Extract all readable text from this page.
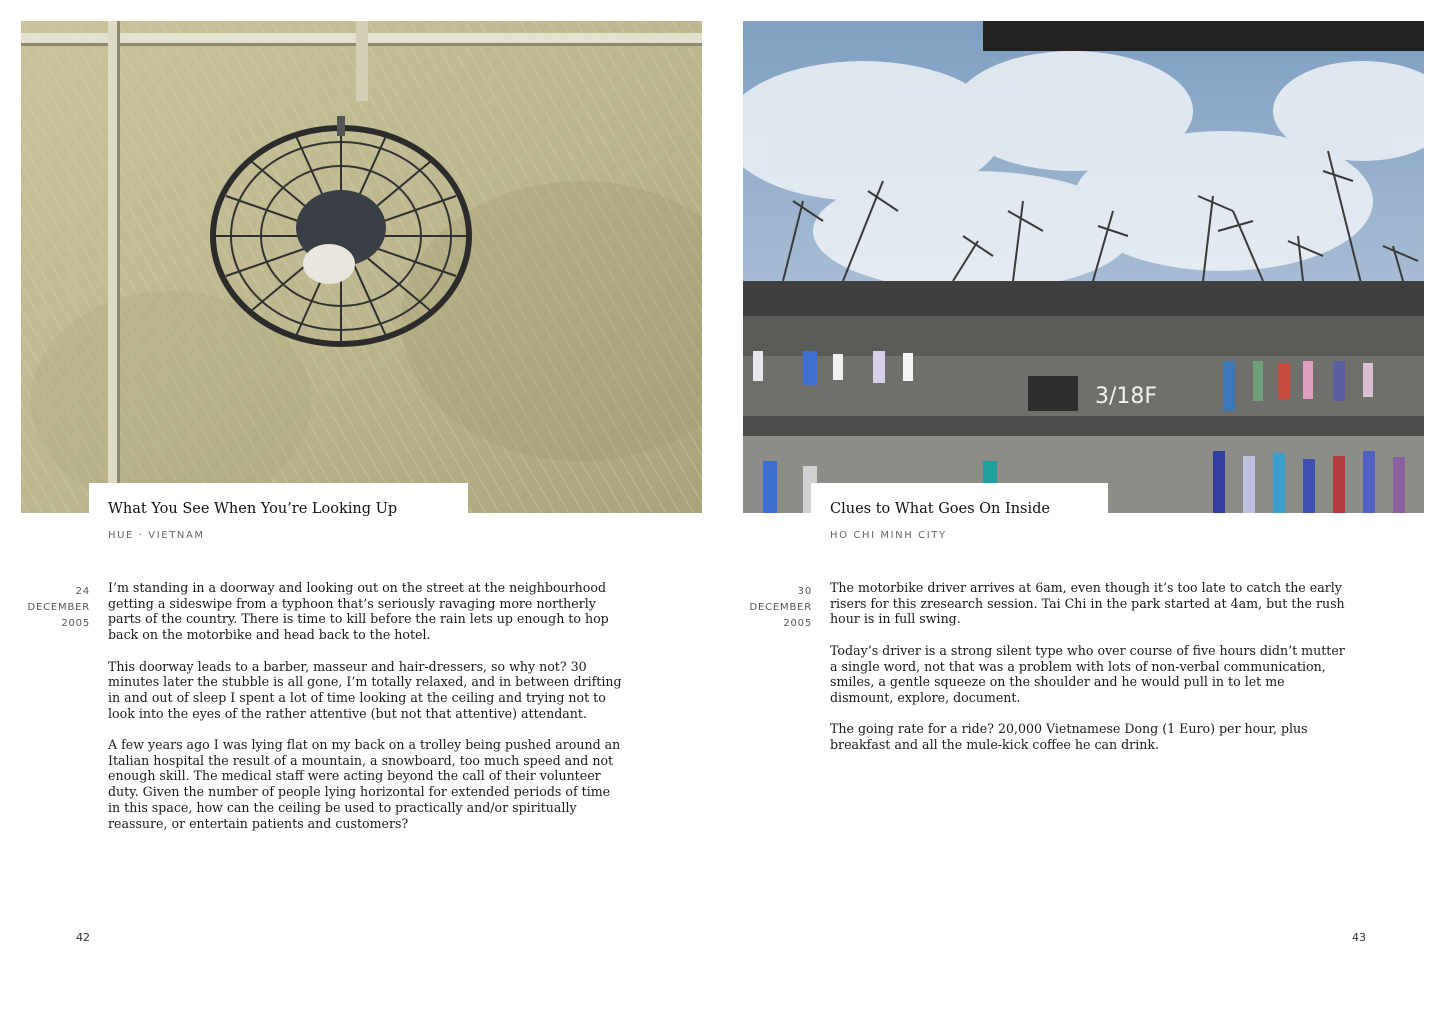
What You See When You’re Looking Up
HUE · VIETNAM
24
DECEMBER
2005

I’m standing in a doorway and looking out on the street at the neighbourhood getting a sideswipe from a typhoon that’s seriously ravaging more northerly parts of the country. There is time to kill before the rain lets up enough to hop back on the motorbike and head back to the hotel.

This doorway leads to a barber, masseur and hair-dressers, so why not? 30 minutes later the stubble is all gone, I’m totally relaxed, and in between drifting in and out of sleep I spent a lot of time looking at the ceiling and trying not to look into the eyes of the rather attentive (but not that attentive) attendant.

A few years ago I was lying flat on my back on a trolley being pushed around an Italian hospital the result of a mountain, a snowboard, too much speed and not enough skill. The medical staff were acting beyond the call of their volunteer duty. Given the number of people lying horizontal for extended periods of time in this space, how can the ceiling be used to practically and/or spiritually reassure, or entertain patients and customers?

42
3/18F
Clues to What Goes On Inside
HO CHI MINH CITY
30
DECEMBER
2005

The motorbike driver arrives at 6am, even though it’s too late to catch the early risers for this zresearch session. Tai Chi in the park started at 4am, but the rush hour is in full swing.

Today’s driver is a strong silent type who over course of five hours didn’t mutter a single word, not that was a problem with lots of non-verbal communication, smiles, a gentle squeeze on the shoulder and he would pull in to let me dismount, explore, document.

The going rate for a ride? 20,000 Vietnamese Dong (1 Euro) per hour, plus breakfast and all the mule-kick coffee he can drink.

43
